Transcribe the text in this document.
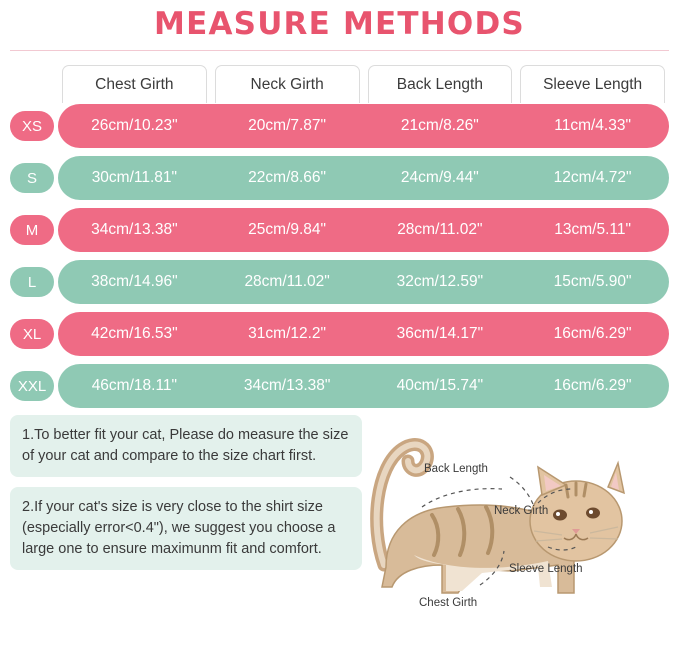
MEASURE METHODS
Chest Girth	Neck Girth	Back Length	Sleeve Length
XS	26cm/10.23"	20cm/7.87"	21cm/8.26"	11cm/4.33"
S	30cm/11.81"	22cm/8.66"	24cm/9.44"	12cm/4.72"
M	34cm/13.38"	25cm/9.84"	28cm/11.02"	13cm/5.11"
L	38cm/14.96"	28cm/11.02"	32cm/12.59"	15cm/5.90"
XL	42cm/16.53"	31cm/12.2"	36cm/14.17"	16cm/6.29"
XXL	46cm/18.11"	34cm/13.38"	40cm/15.74"	16cm/6.29"
1.To better fit your cat, Please do measure the size of your cat and compare to the size chart first.
2.If your cat's size is very close to the shirt size (especially error<0.4"), we suggest you choose a large one to ensure maximunm fit and comfort.
Back Length
Neck Girth
Sleeve Length
Chest Girth
